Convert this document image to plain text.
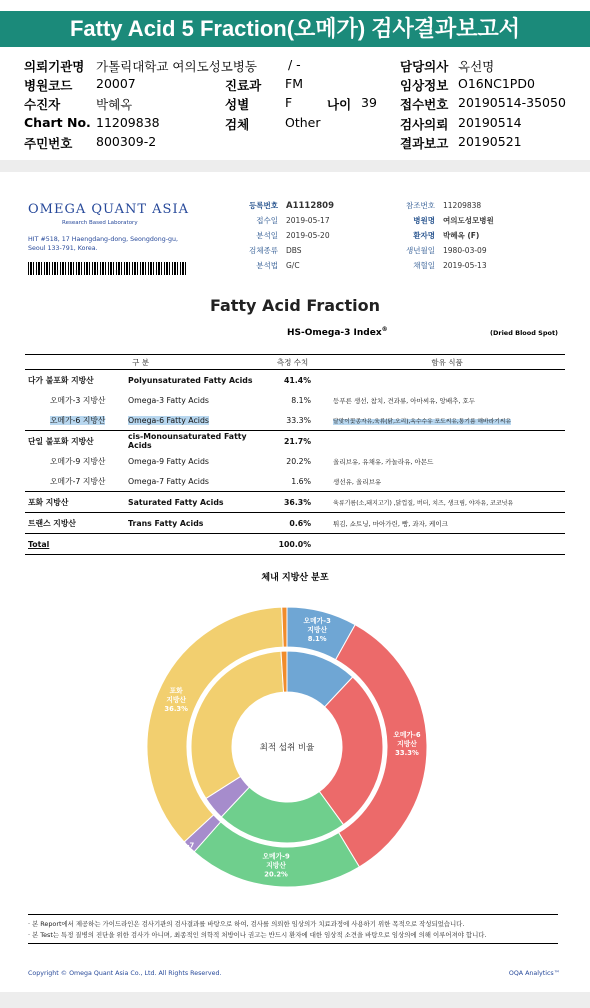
Fatty Acid 5 Fraction(오메가) 검사결과보고서
의뢰기관명 가톨릭대학교 여의도성모병동 / -	담당의사 옥선명
병원코드 20007	진료과 FM	임상정보 O16NC1PD0
수진자	박혜옥	성별	F	나이 39 접수번호 20190514-35050
Chart No. 11209838	검체	Other	검사의뢰 20190514
주민번호 800309-2	결과보고 20190521
OMEGA QUANT ASIA
Research Based Laboratory
HIT #518, 17 Haengdang-dong, Seongdong-gu,
Seoul 133-791, Korea.
등록번호 A1112809
접수일 2019-05-17
분석일 2019-05-20
검체종류 DBS
분석법 G/C
참조번호 11209838
병원명 여의도성모병원
환자명 박혜옥 (F)
생년월일 1980-03-09
채혈일 2019-05-13
Fatty Acid Fraction
HS-Omega-3 Index®	(Dried Blood Spot)
구 분		측정 수치	함유 식품
다가 불포화 지방산	Polyunsaturated Fatty Acids	41.4%	
오메가-3 지방산	Omega-3 Fatty Acids	8.1%	등푸른 생선, 참치, 견과류, 아마씨유, 앙배추, 호두
오메가-6 지방산	Omega-6 Fatty Acids	33.3%	달맞이꽃종자유,육류(닭,오리),옥수수유 포도씨유,통기름 해바라기씨유
단일 불포화 지방산	cis-Monounsaturated Fatty Acids	21.7%	
오메가-9 지방산	Omega-9 Fatty Acids	20.2%	올리브유, 유채유, 카놀라유, 아몬드
오메가-7 지방산	Omega-7 Fatty Acids	1.6%	생선유, 올리브유
포화 지방산	Saturated Fatty Acids	36.3%	육류기름(소,돼지고기) ,닭껍질, 버터, 치즈, 생크림, 야자유, 코코넛유
트랜스 지방산	Trans Fatty Acids	0.6%	튀김, 쇼트닝, 마아가린, 빵, 과자, 케이크
Total		100.0%	
체내 지방산 분포
최적 섭취 비율
오메가-3 지방산 8.1%
오메가-6 지방산 33.3%
오메가-9 지방산 20.2%
오메가-7 지방산 1.6%
포화 지방산 36.3%
트랜스 지방산 0.6%
· 본 Report에서 제공하는 가이드라인은 검사기관의 검사결과를 바탕으로 하여, 검사를 의뢰한 임상의가 치료과정에 사용하기 위한 목적으로 작성되었습니다.
· 본 Test는 특정 질병의 진단을 위한 검사가 아니며, 최종적인 의학적 처방이나 권고는 반드시 환자에 대한 임상적 소견을 바탕으로 임상의에 의해 이루어져야 합니다.
Copyright © Omega Quant Asia Co., Ltd. All Rights Reserved.	OQA Analytics™
